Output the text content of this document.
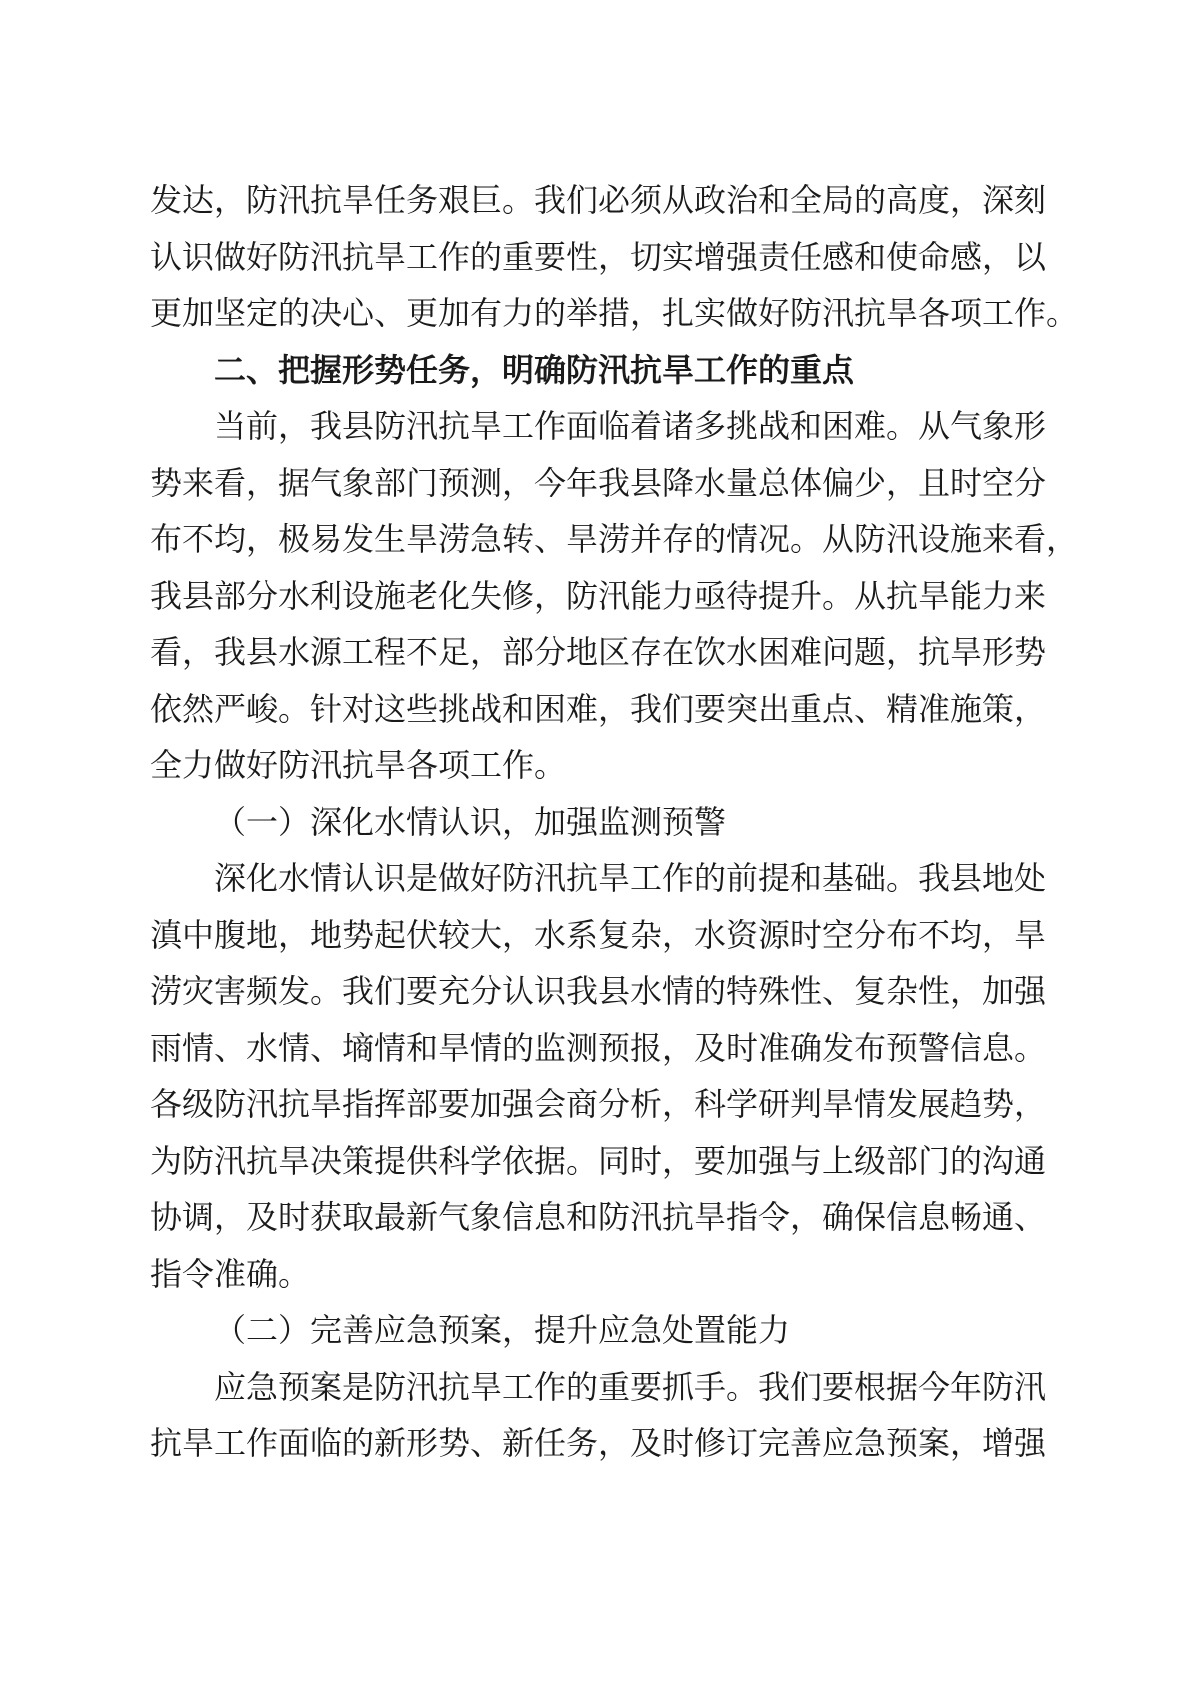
发达，防汛抗旱任务艰巨。我们必须从政治和全局的高度，深刻
认识做好防汛抗旱工作的重要性，切实增强责任感和使命感，以
更加坚定的决心、更加有力的举措，扎实做好防汛抗旱各项工作。
二、把握形势任务，明确防汛抗旱工作的重点
当前，我县防汛抗旱工作面临着诸多挑战和困难。从气象形
势来看，据气象部门预测，今年我县降水量总体偏少，且时空分
布不均，极易发生旱涝急转、旱涝并存的情况。从防汛设施来看，
我县部分水利设施老化失修，防汛能力亟待提升。从抗旱能力来
看，我县水源工程不足，部分地区存在饮水困难问题，抗旱形势
依然严峻。针对这些挑战和困难，我们要突出重点、精准施策，
全力做好防汛抗旱各项工作。
（一）深化水情认识，加强监测预警
深化水情认识是做好防汛抗旱工作的前提和基础。我县地处
滇中腹地，地势起伏较大，水系复杂，水资源时空分布不均，旱
涝灾害频发。我们要充分认识我县水情的特殊性、复杂性，加强
雨情、水情、墒情和旱情的监测预报，及时准确发布预警信息。
各级防汛抗旱指挥部要加强会商分析，科学研判旱情发展趋势，
为防汛抗旱决策提供科学依据。同时，要加强与上级部门的沟通
协调，及时获取最新气象信息和防汛抗旱指令，确保信息畅通、
指令准确。
（二）完善应急预案，提升应急处置能力
应急预案是防汛抗旱工作的重要抓手。我们要根据今年防汛
抗旱工作面临的新形势、新任务，及时修订完善应急预案，增强
